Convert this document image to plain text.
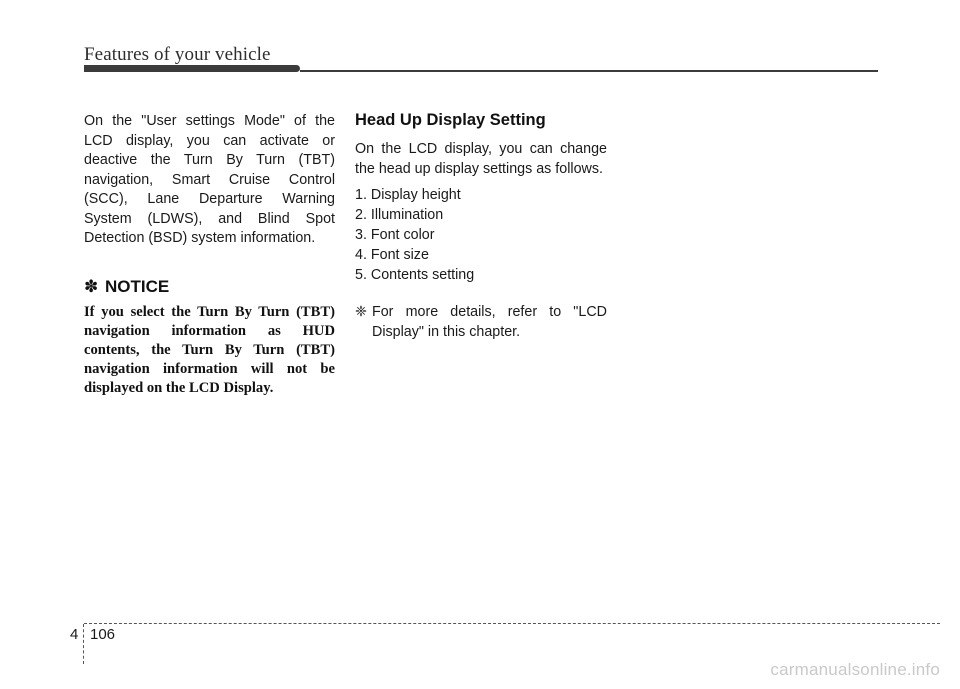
Features of your vehicle

On the "User settings Mode" of the LCD display, you can activate or deactive the Turn By Turn (TBT) navigation, Smart Cruise Control (SCC), Lane Departure Warning System (LDWS), and Blind Spot Detection (BSD) system information.

✽ NOTICE

If you select the Turn By Turn (TBT) navigation information as HUD contents, the Turn By Turn (TBT) navigation information will not be displayed on the LCD Display.

Head Up Display Setting

On the LCD display, you can change the head up display settings as follows.

1. Display height
2. Illumination
3. Font color
4. Font size
5. Contents setting

❈ For more details, refer to "LCD Display" in this chapter.

4 106
carmanualsonline.info
